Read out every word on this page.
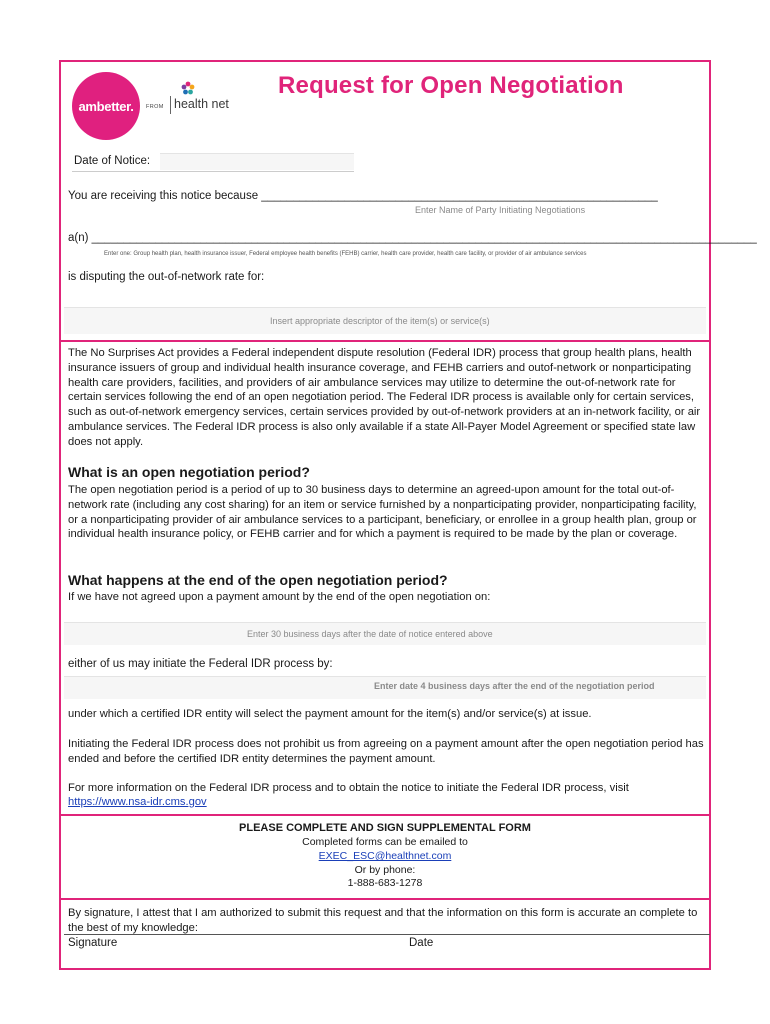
ambetter. FROM health net
Request for Open Negotiation
Date of Notice:
You are receiving this notice because ______________________________________________________________
Enter Name of Party Initiating Negotiations
a(n) ________________________________________________________________________________________________________
Enter one: Group health plan, health insurance issuer, Federal employee health benefits (FEHB) carrier, health care provider, health care facility, or provider of air ambulance services
is disputing the out-of-network rate for:
Insert appropriate descriptor of the item(s) or service(s)
The No Surprises Act provides a Federal independent dispute resolution (Federal IDR) process that group health plans, health insurance issuers of group and individual health insurance coverage, and FEHB carriers and outof-network or nonparticipating health care providers, facilities, and providers of air ambulance services may utilize to determine the out-of-network rate for certain services following the end of an open negotiation period. The Federal IDR process is available only for certain services, such as out-of-network emergency services, certain services provided by out-of-network providers at an in-network facility, or air ambulance services. The Federal IDR process is also only available if a state All-Payer Model Agreement or specified state law does not apply.
What is an open negotiation period?
The open negotiation period is a period of up to 30 business days to determine an agreed-upon amount for the total out-of-network rate (including any cost sharing) for an item or service furnished by a nonparticipating provider, nonparticipating facility, or a nonparticipating provider of air ambulance services to a participant, beneficiary, or enrollee in a group health plan, group or individual health insurance policy, or FEHB carrier and for which a payment is required to be made by the plan or coverage.
What happens at the end of the open negotiation period?
If we have not agreed upon a payment amount by the end of the open negotiation on:
Enter 30 business days after the date of notice entered above
either of us may initiate the Federal IDR process by:
Enter date 4 business days after the end of the negotiation period
under which a certified IDR entity will select the payment amount for the item(s) and/or service(s) at issue.
Initiating the Federal IDR process does not prohibit us from agreeing on a payment amount after the open negotiation period has ended and before the certified IDR entity determines the payment amount.
For more information on the Federal IDR process and to obtain the notice to initiate the Federal IDR process, visit
https://www.nsa-idr.cms.gov
PLEASE COMPLETE AND SIGN SUPPLEMENTAL FORM
Completed forms can be emailed to
EXEC_ESC@healthnet.com
Or by phone:
1-888-683-1278
By signature, I attest that I am authorized to submit this request and that the information on this form is accurate an complete to the best of my knowledge:
Signature	Date
